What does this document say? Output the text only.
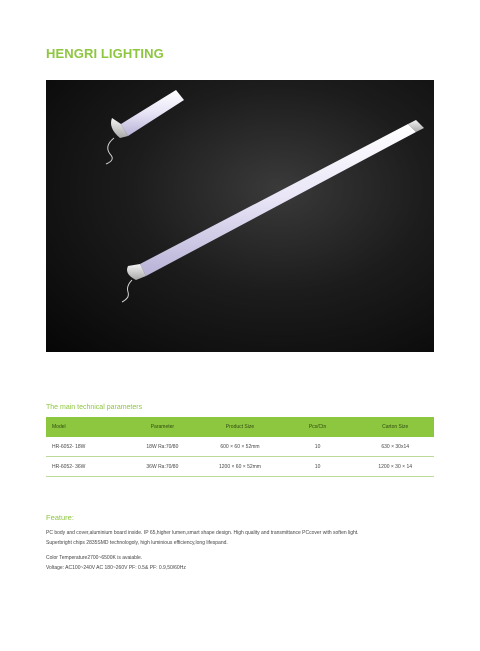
HENGRI LIGHTING
The main technical parameters
Model	Parameter	Product Size	Pcs/Ctn	Carton Size
HR-6052- 18W	18W Ra:70/80	600 × 60 × 52mm	10	630 × 30x14
HR-6052- 36W	36W Ra:70/80	1200 × 60 × 52mm	10	1200 × 30 × 14
Feature:

PC body and cover,aluminium board inside. IP 65,higher lumen,smart shape design. High quality and transmittance PCcover with soften light.

Superbright chips 2835SMD technologoly, high luminious efficiency,long lifespand.

Color Temperature2700~6500K is avaiable.

Voltage: AC100~240V AC 180~260V PF: 0.5& PF: 0.9,50/60Hz
